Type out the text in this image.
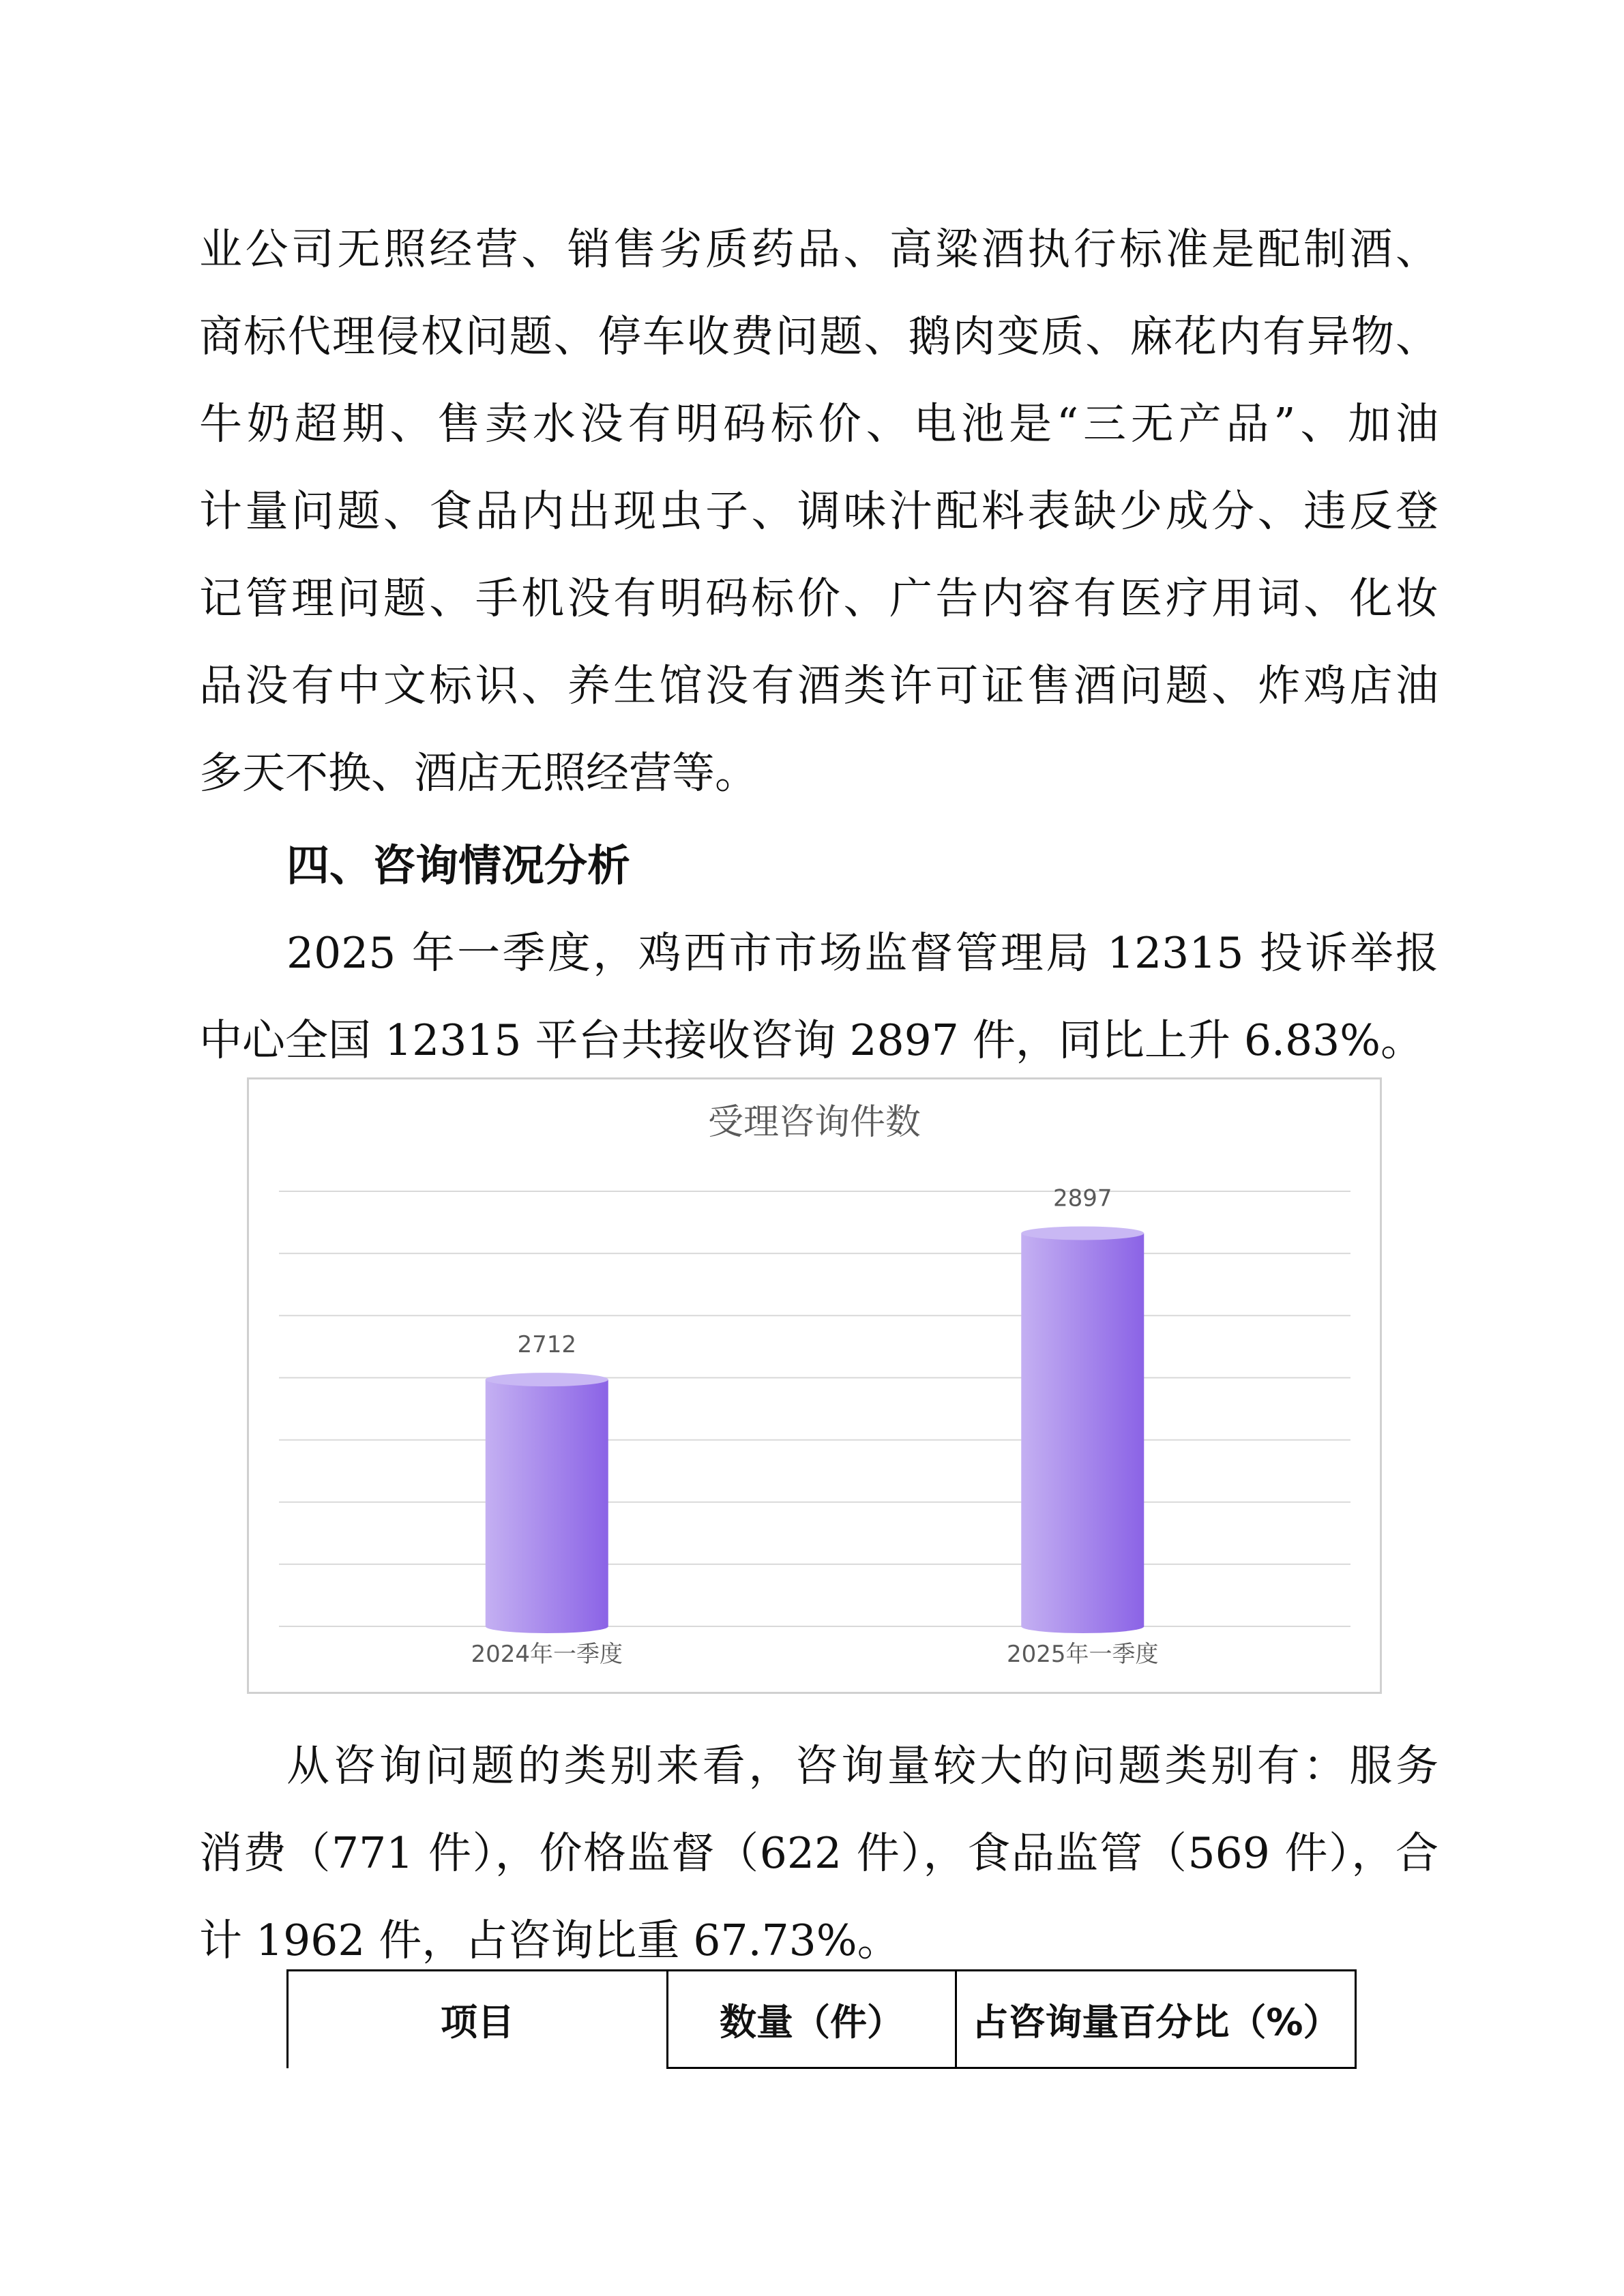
业公司无照经营、销售劣质药品、高粱酒执行标准是配制酒、

商标代理侵权问题、停车收费问题、鹅肉变质、麻花内有异物、

牛奶超期、售卖水没有明码标价、电池是“三无产品”、加油

计量问题、食品内出现虫子、调味汁配料表缺少成分、违反登

记管理问题、手机没有明码标价、广告内容有医疗用词、化妆

品没有中文标识、养生馆没有酒类许可证售酒问题、炸鸡店油

多天不换、酒店无照经营等。

四、咨询情况分析

2025 年一季度，鸡西市市场监督管理局 12315 投诉举报

中心全国 12315 平台共接收咨询 2897 件，同比上升 6.83%。

受理咨询件数
2712
2024年一季度
2897
2025年一季度

从咨询问题的类别来看，咨询量较大的问题类别有：服务

消费（771 件），价格监督（622 件），食品监管（569 件），合

计 1962 件，占咨询比重 67.73%。

项目	数量（件）	占咨询量百分比（%）
